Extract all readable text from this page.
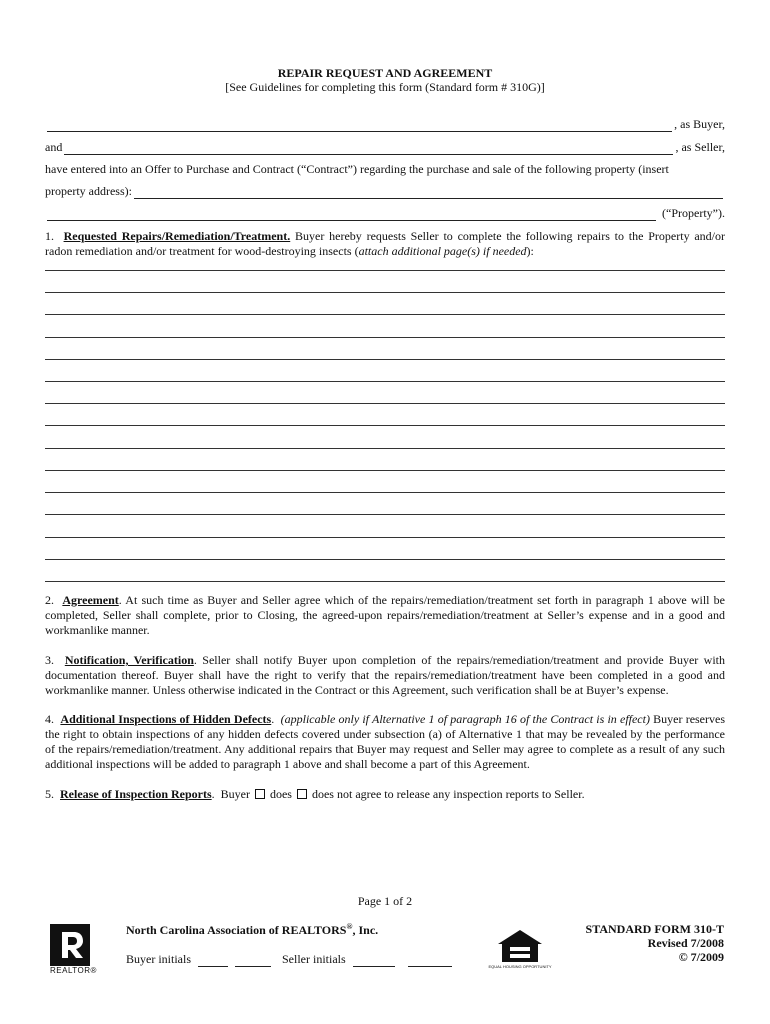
REPAIR REQUEST AND AGREEMENT
[See Guidelines for completing this form (Standard form # 310G)]
, as Buyer,
and	, as Seller,
have entered into an Offer to Purchase and Contract (“Contract”) regarding the purchase and sale of the following property (insert
property address):
(“Property”).
1. Requested Repairs/Remediation/Treatment. Buyer hereby requests Seller to complete the following repairs to the Property and/or radon remediation and/or treatment for wood-destroying insects (attach additional page(s) if needed):
2. Agreement. At such time as Buyer and Seller agree which of the repairs/remediation/treatment set forth in paragraph 1 above will be completed, Seller shall complete, prior to Closing, the agreed-upon repairs/remediation/treatment at Seller’s expense and in a good and workmanlike manner.
3. Notification, Verification. Seller shall notify Buyer upon completion of the repairs/remediation/treatment and provide Buyer with documentation thereof. Buyer shall have the right to verify that the repairs/remediation/treatment have been completed in a good and workmanlike manner. Unless otherwise indicated in the Contract or this Agreement, such verification shall be at Buyer’s expense.
4. Additional Inspections of Hidden Defects. (applicable only if Alternative 1 of paragraph 16 of the Contract is in effect) Buyer reserves the right to obtain inspections of any hidden defects covered under subsection (a) of Alternative 1 that may be revealed by the performance of the repairs/remediation/treatment. Any additional repairs that Buyer may request and Seller may agree to complete as a result of any such additional inspections will be added to paragraph 1 above and shall become a part of this Agreement.
5. Release of Inspection Reports. Buyer does does not agree to release any inspection reports to Seller.
Page 1 of 2
REALTOR®
North Carolina Association of REALTORS®, Inc.
Buyer initials	Seller initials
EQUAL HOUSING OPPORTUNITY
STANDARD FORM 310-T
Revised 7/2008
© 7/2009
